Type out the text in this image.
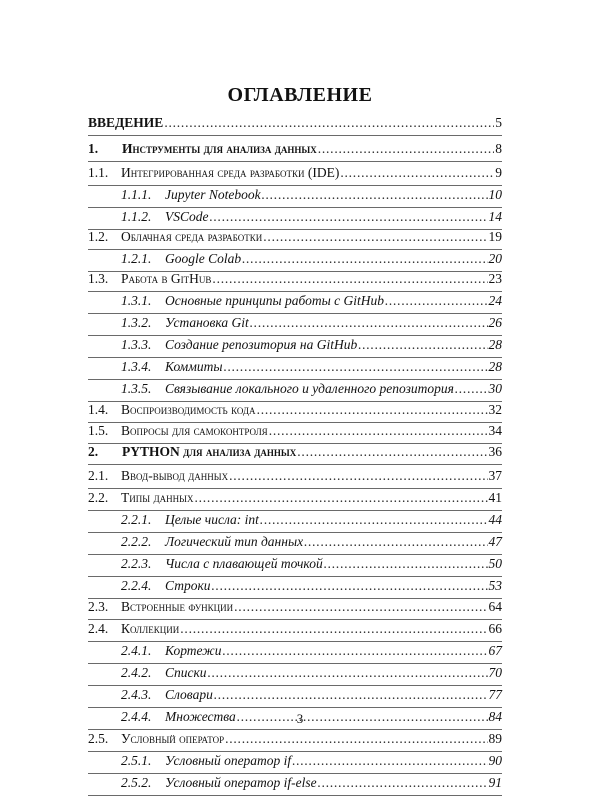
ОГЛАВЛЕНИЕ
ВВЕДЕНИЕ . . .	5
1. Инструменты для анализа данных . . .	8
1.1. Интегрированная среда разработки (IDE) . . .	9
1.1.1. Jupyter Notebook . . .	10
1.1.2. VSCode . . .	14
1.2. Облачная среда разработки . . .	19
1.2.1. Google Colab . . .	20
1.3. Работа в GitHub . . .	23
1.3.1. Основные принципы работы с GitHub . . .	24
1.3.2. Установка Git . . .	26
1.3.3. Создание репозитория на GitHub . . .	28
1.3.4. Коммиты . . .	28
1.3.5. Связывание локального и удаленного репозитория . . .	30
1.4. Воспроизводимость кода . . .	32
1.5. Вопросы для самоконтроля . . .	34
2. PYTHON для анализа данных . . .	36
2.1. Ввод-вывод данных . . .	37
2.2. Типы данных . . .	41
2.2.1. Целые числа: int . . .	44
2.2.2. Логический тип данных . . .	47
2.2.3. Числа с плавающей точкой . . .	50
2.2.4. Строки . . .	53
2.3. Встроенные функции . . .	64
2.4. Коллекции . . .	66
2.4.1. Кортежи . . .	67
2.4.2. Списки . . .	70
2.4.3. Словари . . .	77
2.4.4. Множества . . .	84
2.5. Условный оператор . . .	89
2.5.1. Условный оператор if . . .	90
2.5.2. Условный оператор if-else . . .	91
3
